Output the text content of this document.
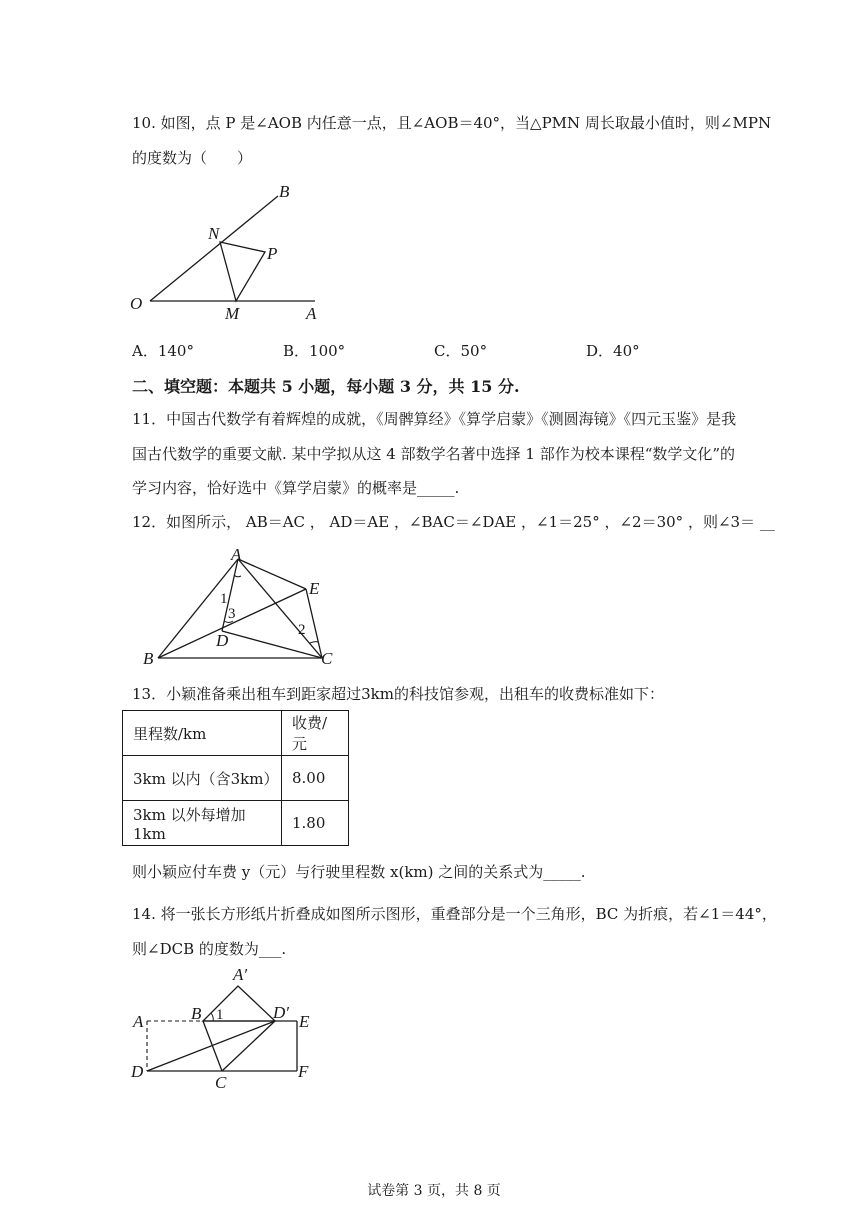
10. 如图，点 P 是∠AOB 内任意一点，且∠AOB＝40°，当△PMN 周长取最小值时，则∠MPN
的度数为（　　）
B
N
P
O
M	A
A．140°	B．100°	C．50°	D．40°
二、填空题：本题共 5 小题，每小题 3 分，共 15 分.
11．中国古代数学有着辉煌的成就，《周髀算经》《算学启蒙》《测圆海镜》《四元玉鉴》是我
国古代数学的重要文献. 某中学拟从这 4 部数学名著中选择 1 部作为校本课程“数学文化”的
学习内容，恰好选中《算学启蒙》的概率是_____.
12．如图所示， AB＝AC ， AD＝AE ，∠BAC＝∠DAE ，∠1＝25° ，∠2＝30° ，则∠3＝ __
A
E
B	C
D
1
3
2
13．小颖准备乘出租车到距家超过3km的科技馆参观，出租车的收费标准如下：
里程数/km	收费/元
3km 以内（含3km）	8.00
3km 以外每增加1km	1.80
则小颖应付车费 y（元）与行驶里程数 x(km) 之间的关系式为_____.
14. 将一张长方形纸片折叠成如图所示图形，重叠部分是一个三角形，BC 为折痕，若∠1＝44°，
则∠DCB 的度数为___.
A′
A	B 1	D′ E
D
C
F
试卷第 3 页，共 8 页
